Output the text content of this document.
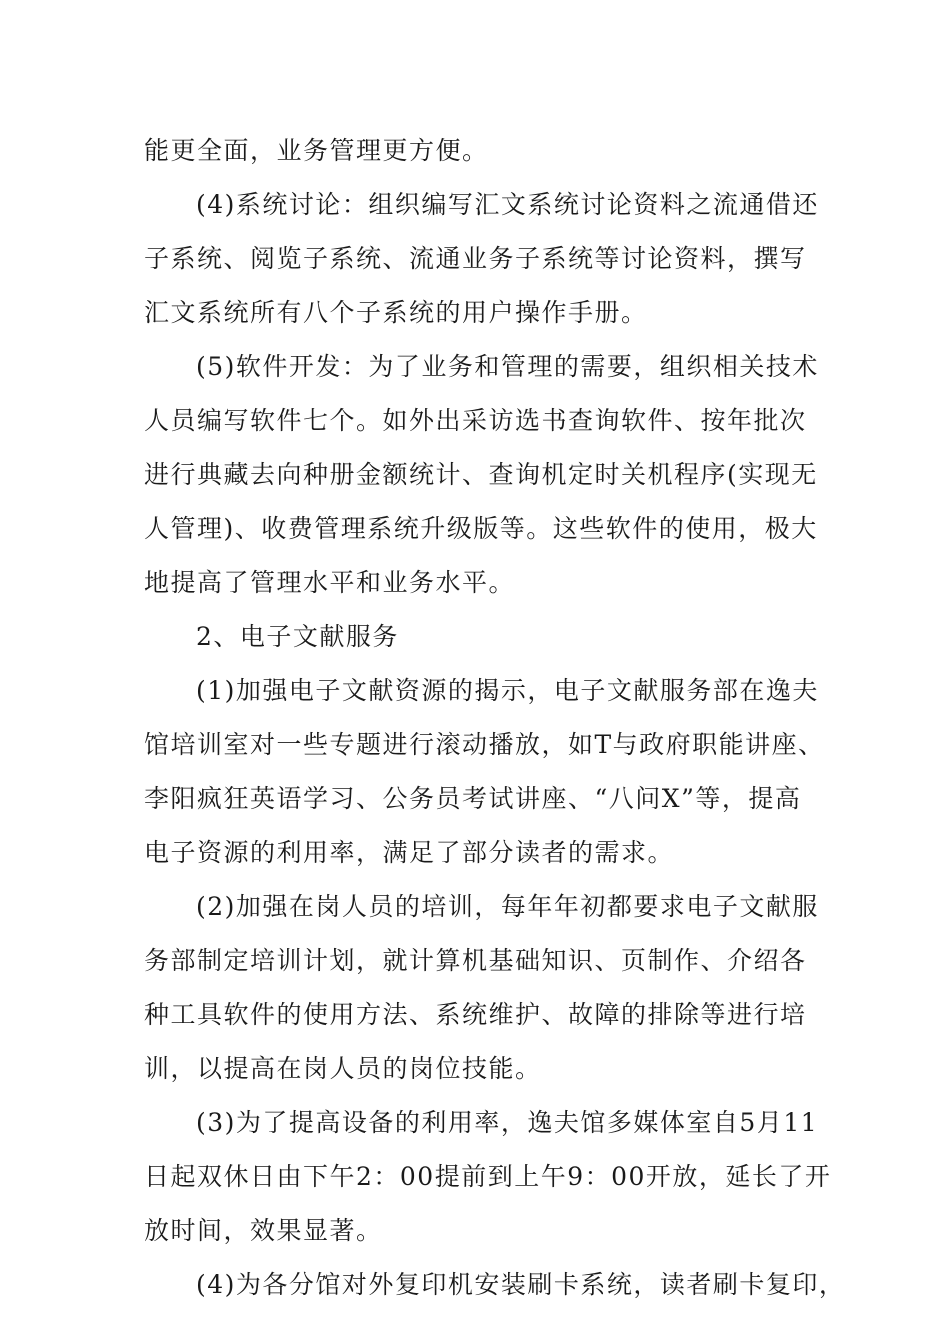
能更全面，业务管理更方便。
(4)系统讨论：组织编写汇文系统讨论资料之流通借还
子系统、阅览子系统、流通业务子系统等讨论资料，撰写
汇文系统所有八个子系统的用户操作手册。
(5)软件开发：为了业务和管理的需要，组织相关技术
人员编写软件七个。如外出采访选书查询软件、按年批次
进行典藏去向种册金额统计、查询机定时关机程序(实现无
人管理)、收费管理系统升级版等。这些软件的使用，极大
地提高了管理水平和业务水平。
2、电子文献服务
(1)加强电子文献资源的揭示，电子文献服务部在逸夫
馆培训室对一些专题进行滚动播放，如T与政府职能讲座、
李阳疯狂英语学习、公务员考试讲座、“八问X”等，提高
电子资源的利用率，满足了部分读者的需求。
(2)加强在岗人员的培训，每年年初都要求电子文献服
务部制定培训计划，就计算机基础知识、页制作、介绍各
种工具软件的使用方法、系统维护、故障的排除等进行培
训，以提高在岗人员的岗位技能。
(3)为了提高设备的利用率，逸夫馆多媒体室自5月11
日起双休日由下午2：00提前到上午9：00开放，延长了开
放时间，效果显著。
(4)为各分馆对外复印机安装刷卡系统，读者刷卡复印，
